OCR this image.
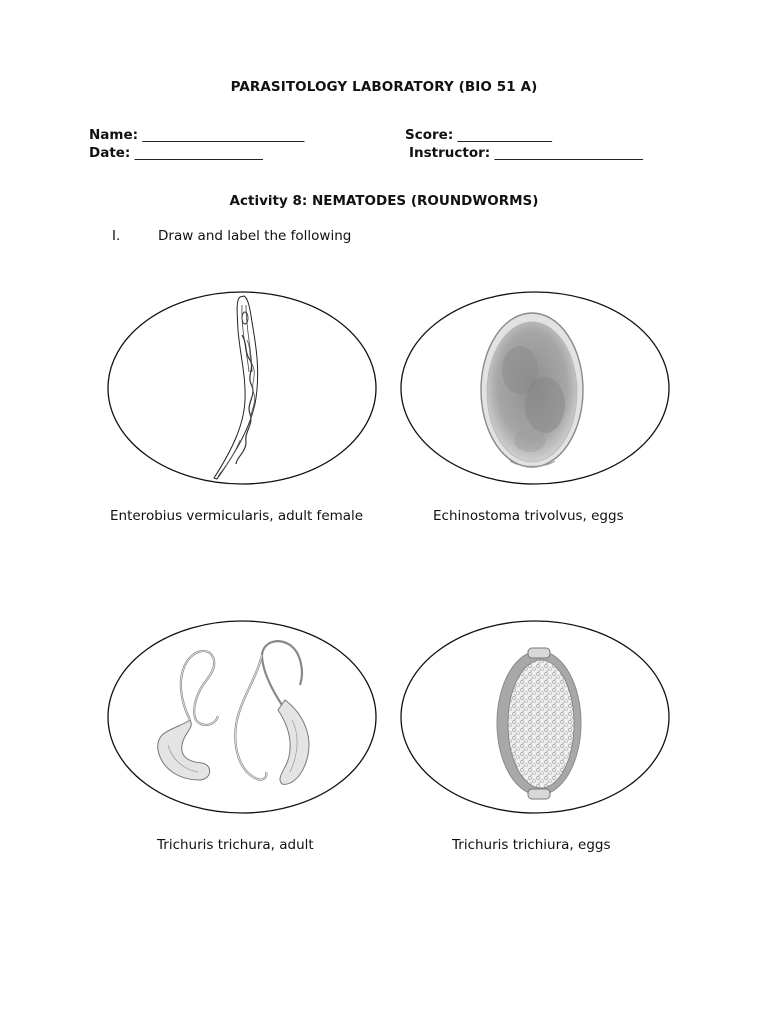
PARASITOLOGY LABORATORY (BIO 51 A)
Name: ________________________	Score: ______________
Date: ___________________	Instructor: ______________________
Activity 8: NEMATODES (ROUNDWORMS)
I.	Draw and label the following
Enterobius vermicularis, adult female	Echinostoma trivolvus, eggs
Trichuris trichura, adult	Trichuris trichiura, eggs
